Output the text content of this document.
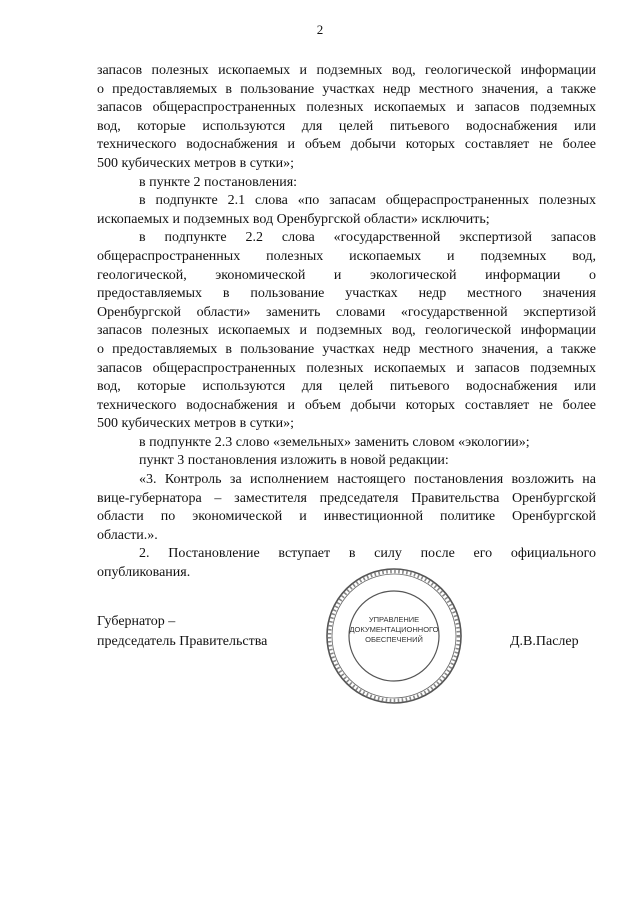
2
запасов полезных ископаемых и подземных вод, геологической информации
о предоставляемых в пользование участках недр местного значения, а также
запасов общераспространенных полезных ископаемых и запасов подземных
вод, которые используются для целей питьевого водоснабжения или
технического водоснабжения и объем добычи которых составляет не более
500 кубических метров в сутки»;
в пункте 2 постановления:
в подпункте 2.1 слова «по запасам общераспространенных полезных
ископаемых и подземных вод Оренбургской области» исключить;
в подпункте 2.2 слова «государственной экспертизой запасов
общераспространенных полезных ископаемых и подземных вод,
геологической, экономической и экологической информации о
предоставляемых в пользование участках недр местного значения
Оренбургской области» заменить словами «государственной экспертизой
запасов полезных ископаемых и подземных вод, геологической информации
о предоставляемых в пользование участках недр местного значения, а также
запасов общераспространенных полезных ископаемых и запасов подземных
вод, которые используются для целей питьевого водоснабжения или
технического водоснабжения и объем добычи которых составляет не более
500 кубических метров в сутки»;
в подпункте 2.3 слово «земельных» заменить словом «экологии»;
пункт 3 постановления изложить в новой редакции:
«3. Контроль за исполнением настоящего постановления возложить на
вице-губернатора – заместителя председателя Правительства Оренбургской
области по экономической и инвестиционной политике Оренбургской
области.».
2. Постановление вступает в силу после его официального
опубликования.
УПРАВЛЕНИЕ
ДОКУМЕНТАЦИОННОГО
ОБЕСПЕЧЕНИЙ
Губернатор –
председатель Правительства	Д.В.Паслер
